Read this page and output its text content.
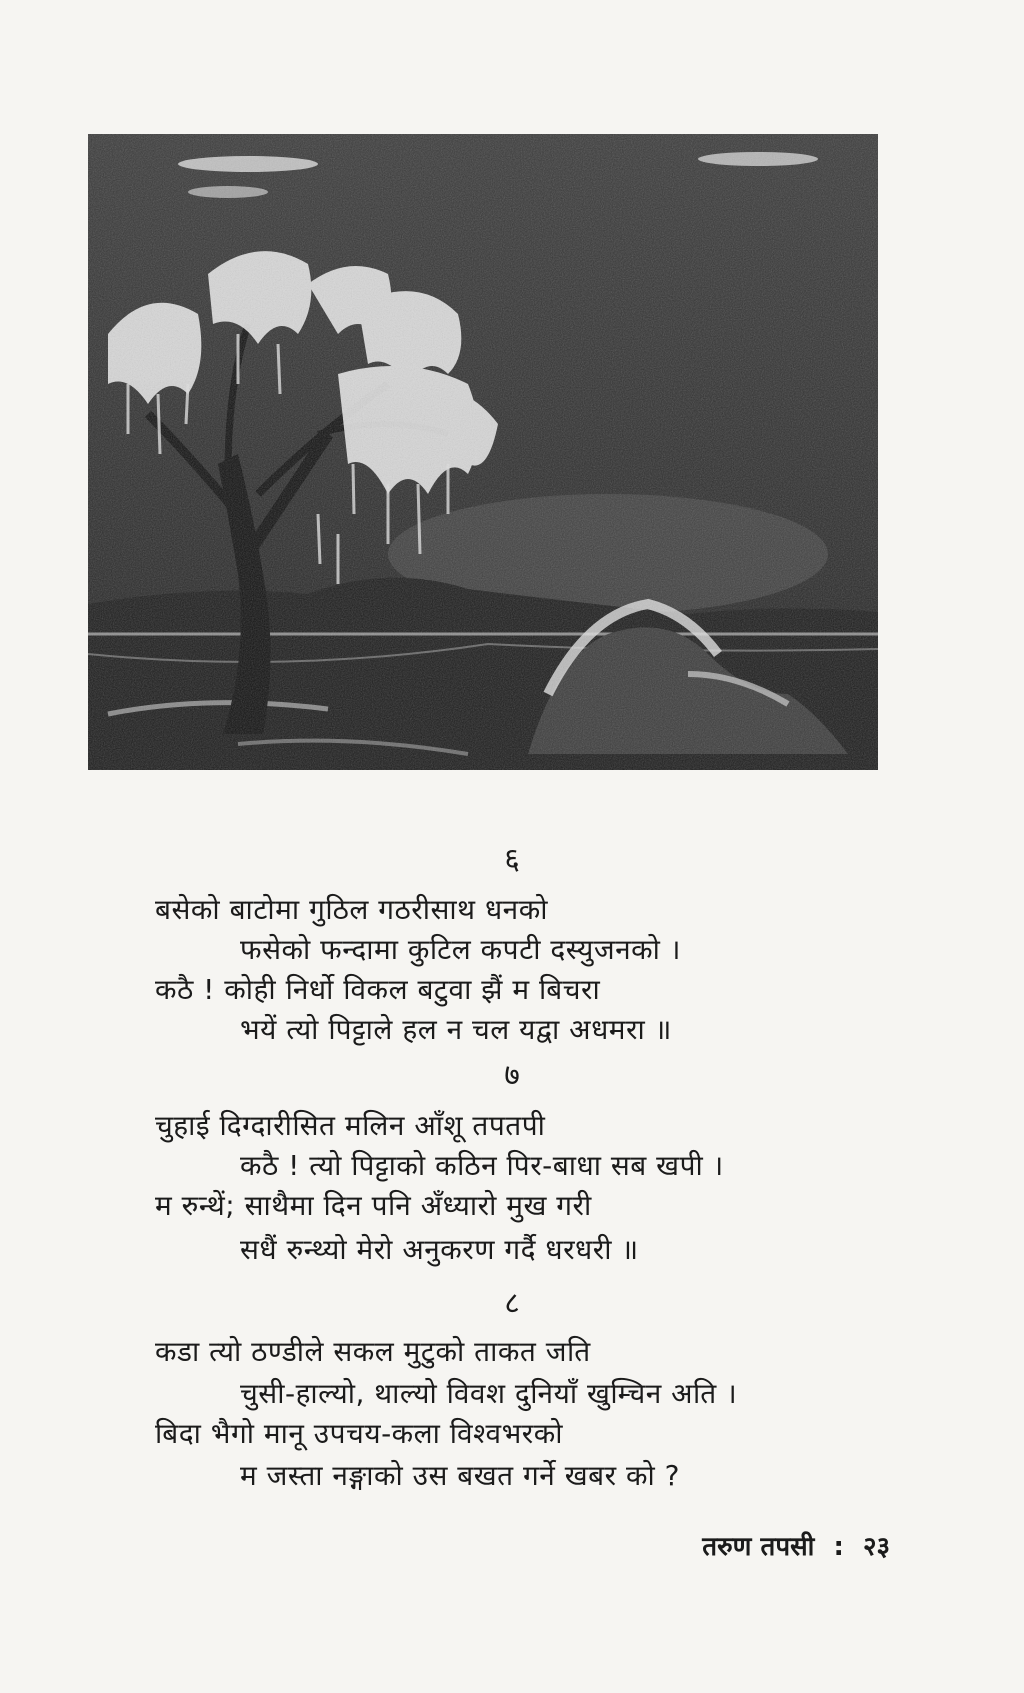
६
बसेको बाटोमा गुठिल गठरीसाथ धनको
फसेको फन्दामा कुटिल कपटी दस्युजनको ।
कठै ! कोही निर्धो विकल बटुवा झैं म बिचरा
भयें त्यो पिट्टाले हल न चल यद्वा अधमरा ॥
७
चुहाई दिग्दारीसित मलिन आँशू तपतपी
कठै ! त्यो पिट्टाको कठिन पिर-बाधा सब खपी ।
म रुन्थें; साथैमा दिन पनि अँध्यारो मुख गरी
सधैं रुन्थ्यो मेरो अनुकरण गर्दै धरधरी ॥
८
कडा त्यो ठण्डीले सकल मुटुको ताकत जति
चुसी-हाल्यो, थाल्यो विवश दुनियाँ खुम्चिन अति ।
बिदा भैगो मानू उपचय-कला विश्वभरको
म जस्ता नङ्गाको उस बखत गर्ने खबर को ?
तरुण तपसी : २३
